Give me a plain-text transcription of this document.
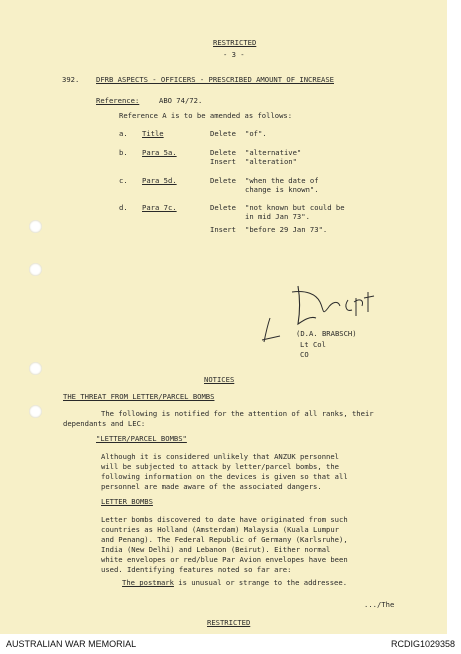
RESTRICTED
- 3 -
392. DFRB ASPECTS - OFFICERS - PRESCRIBED AMOUNT OF INCREASE
Reference:	ABO 74/72.
Reference A is to be amended as follows:
a. Title	Delete "of".
b. Para 5a.	Delete "alternative"
Insert "alteration"
c. Para 5d.	Delete "when the date of
change is known".
d. Para 7c.	Delete "not known but could be
in mid Jan 73".
Insert "before 29 Jan 73".
(D.A. BRABSCH)
Lt Col
CO
NOTICES
THE THREAT FROM LETTER/PARCEL BOMBS
The following is notified for the attention of all ranks, their
dependants and LEC:
"LETTER/PARCEL BOMBS"
Although it is considered unlikely that ANZUK personnel
will be subjected to attack by letter/parcel bombs, the
following information on the devices is given so that all
personnel are made aware of the associated dangers.
LETTER BOMBS
Letter bombs discovered to date have originated from such
countries as Holland (Amsterdam) Malaysia (Kuala Lumpur
and Penang). The Federal Republic of Germany (Karlsruhe),
India (New Delhi) and Lebanon (Beirut). Either normal
white envelopes or red/blue Par Avion envelopes have been
used. Identifying features noted so far are:
The postmark is unusual or strange to the addressee.
.../The
RESTRICTED
AUSTRALIAN WAR MEMORIAL	RCDIG1029358
